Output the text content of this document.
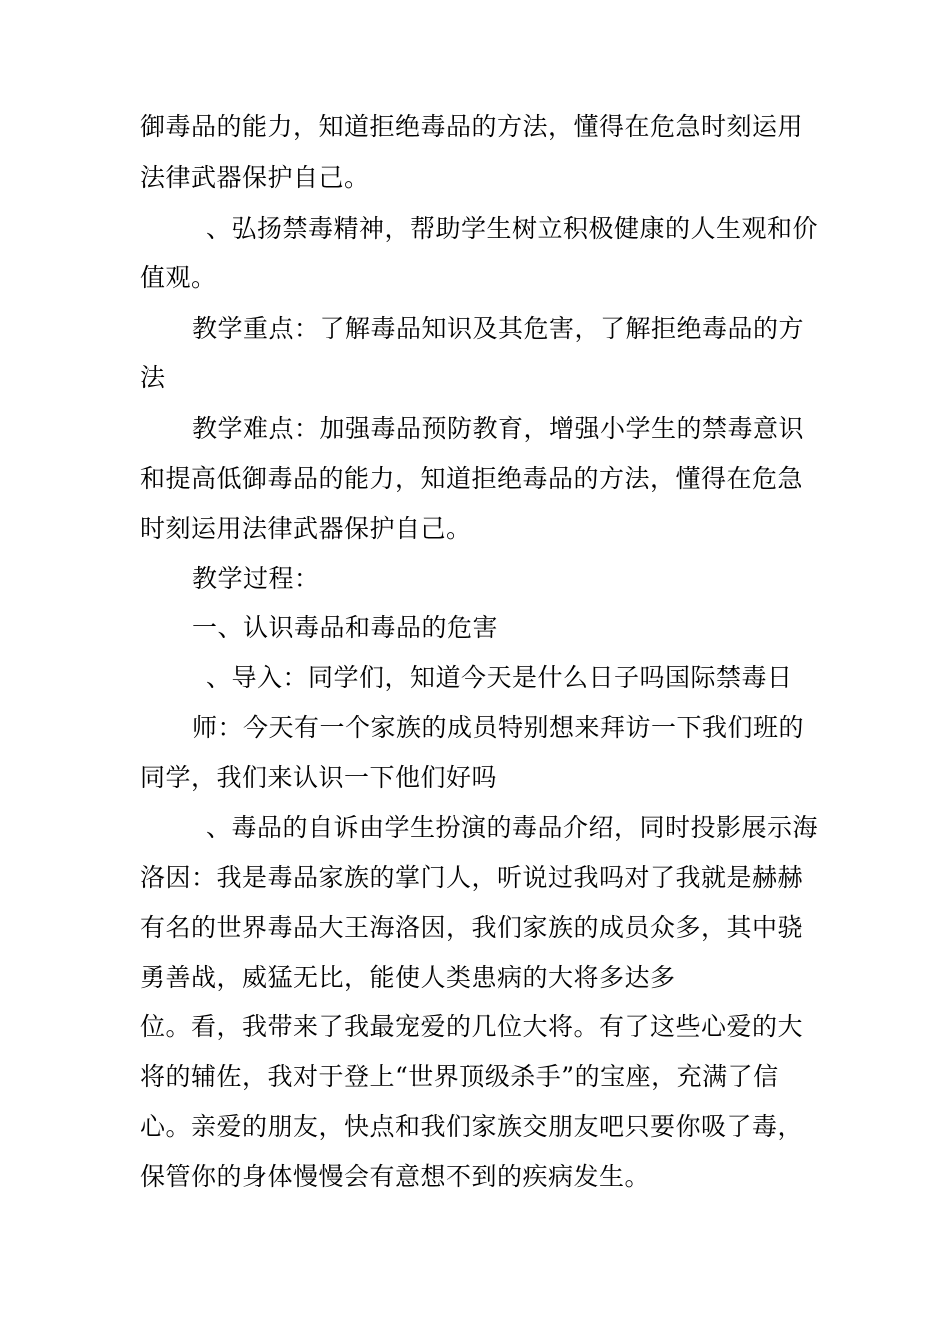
御毒品的能力，知道拒绝毒品的方法，懂得在危急时刻运用
法律武器保护自己。
、弘扬禁毒精神，帮助学生树立积极健康的人生观和价
值观。
教学重点：了解毒品知识及其危害，了解拒绝毒品的方
法
教学难点：加强毒品预防教育，增强小学生的禁毒意识
和提高低御毒品的能力，知道拒绝毒品的方法，懂得在危急
时刻运用法律武器保护自己。
教学过程：
一、认识毒品和毒品的危害
、导入：同学们，知道今天是什么日子吗国际禁毒日
师：今天有一个家族的成员特别想来拜访一下我们班的
同学，我们来认识一下他们好吗
、毒品的自诉由学生扮演的毒品介绍，同时投影展示海
洛因：我是毒品家族的掌门人，听说过我吗对了我就是赫赫
有名的世界毒品大王海洛因，我们家族的成员众多，其中骁
勇善战，威猛无比，能使人类患病的大将多达多
位。看，我带来了我最宠爱的几位大将。有了这些心爱的大
将的辅佐，我对于登上“世界顶级杀手”的宝座，充满了信
心。亲爱的朋友，快点和我们家族交朋友吧只要你吸了毒，
保管你的身体慢慢会有意想不到的疾病发生。
